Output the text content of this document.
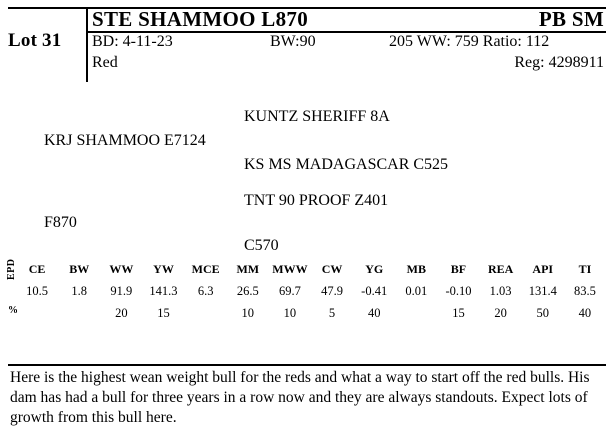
Lot 31
STE SHAMMOO L870	PB SM
BD: 4-11-23	BW:90	205 WW: 759 Ratio: 112
Red	Reg: 4298911
KUNTZ SHERIFF 8A
KRJ SHAMMOO E7124
KS MS MADAGASCAR C525
TNT 90 PROOF Z401
F870
C570
EPD
%
CE	BW	WW	YW	MCE	MM	MWW	CW	YG	MB	BF	REA	API	TI
10.5	1.8	91.9	141.3	6.3	26.5	69.7	47.9	-0.41	0.01	-0.10	1.03	131.4	83.5
		20	15		10	10	5	40		15	20	50	40
Here is the highest wean weight bull for the reds and what a way to start off the red bulls. His dam has had a bull for three years in a row now and they are always standouts. Expect lots of growth from this bull here.
